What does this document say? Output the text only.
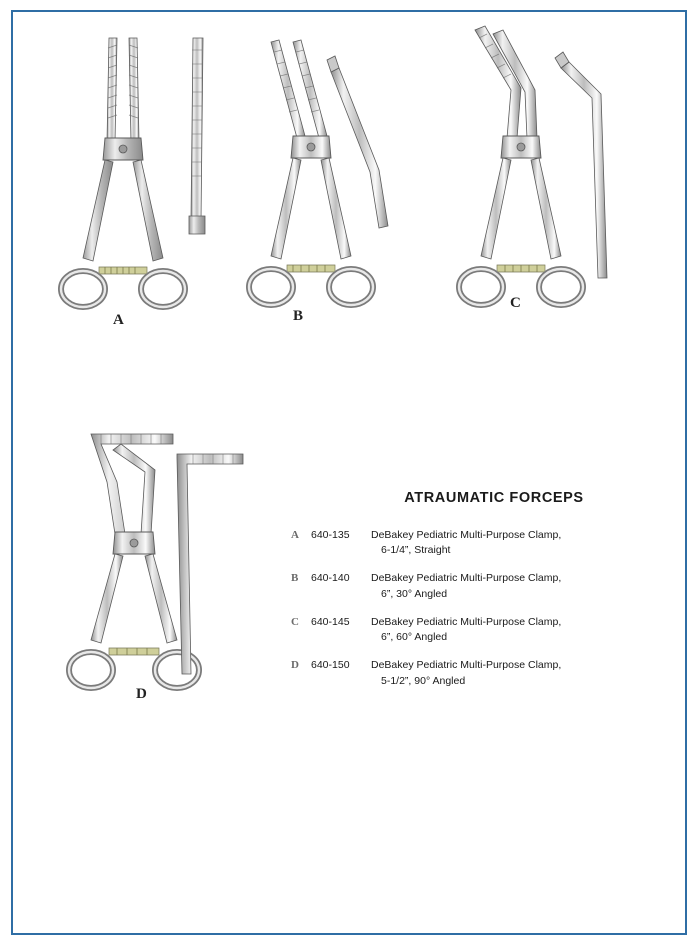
A	B
C
D
ATRAUMATIC FORCEPS
A	640-135	DeBakey Pediatric Multi-Purpose Clamp,
6-1/4”, Straight
B	640-140	DeBakey Pediatric Multi-Purpose Clamp,
6”, 30° Angled
C	640-145	DeBakey Pediatric Multi-Purpose Clamp,
6”, 60° Angled
D	640-150	DeBakey Pediatric Multi-Purpose Clamp,
5-1/2”, 90° Angled
